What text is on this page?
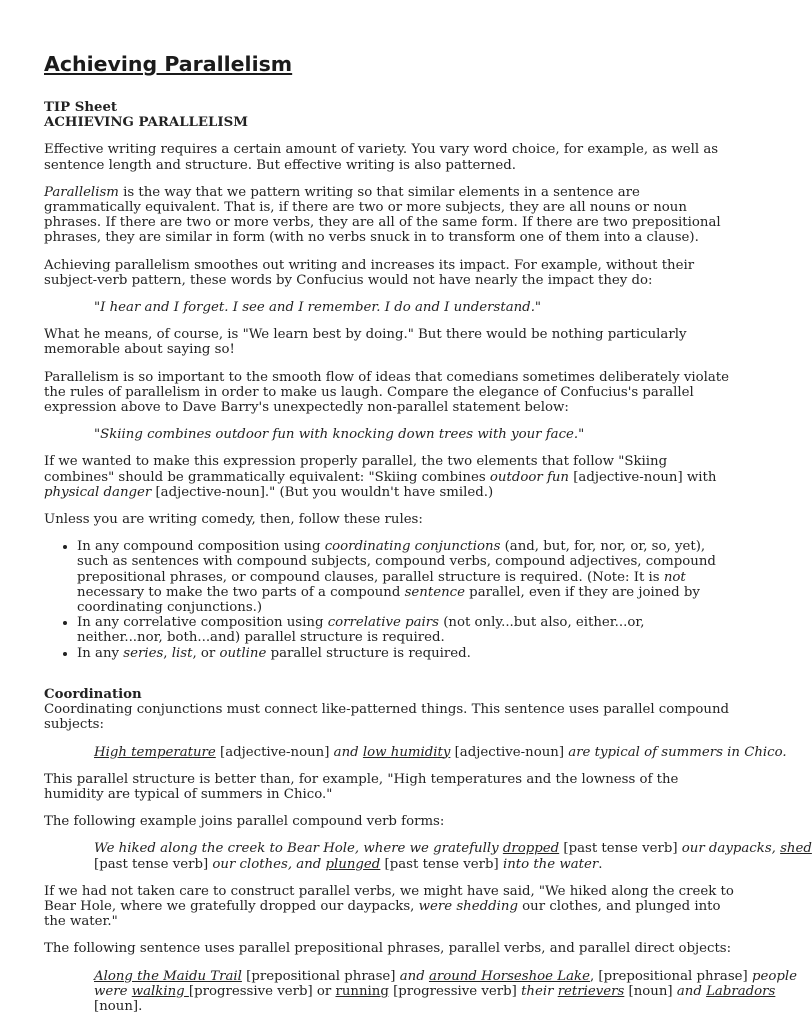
Achieving Parallelism
TIP Sheet
ACHIEVING PARALLELISM

Effective writing requires a certain amount of variety. You vary word choice, for example, as well as sentence length and structure. But effective writing is also patterned.

Parallelism is the way that we pattern writing so that similar elements in a sentence are grammatically equivalent. That is, if there are two or more subjects, they are all nouns or noun phrases. If there are two or more verbs, they are all of the same form. If there are two prepositional phrases, they are similar in form (with no verbs snuck in to transform one of them into a clause).

Achieving parallelism smoothes out writing and increases its impact. For example, without their subject-verb pattern, these words by Confucius would not have nearly the impact they do:

"I hear and I forget. I see and I remember. I do and I understand."

What he means, of course, is "We learn best by doing." But there would be nothing particularly memorable about saying so!

Parallelism is so important to the smooth flow of ideas that comedians sometimes deliberately violate the rules of parallelism in order to make us laugh. Compare the elegance of Confucius's parallel expression above to Dave Barry's unexpectedly non-parallel statement below:

"Skiing combines outdoor fun with knocking down trees with your face."

If we wanted to make this expression properly parallel, the two elements that follow "Skiing combines" should be grammatically equivalent: "Skiing combines outdoor fun [adjective-noun] with physical danger [adjective-noun]." (But you wouldn't have smiled.)

Unless you are writing comedy, then, follow these rules:

• In any compound composition using coordinating conjunctions (and, but, for, nor, or, so, yet), such as sentences with compound subjects, compound verbs, compound adjectives, compound prepositional phrases, or compound clauses, parallel structure is required. (Note: It is not necessary to make the two parts of a compound sentence parallel, even if they are joined by coordinating conjunctions.)
• In any correlative composition using correlative pairs (not only...but also, either...or, neither...nor, both...and) parallel structure is required.
• In any series, list, or outline parallel structure is required.
Coordination

Coordinating conjunctions must connect like-patterned things. This sentence uses parallel compound subjects:

High temperature [adjective-noun] and low humidity [adjective-noun] are typical of summers in Chico.

This parallel structure is better than, for example, "High temperatures and the lowness of the humidity are typical of summers in Chico."

The following example joins parallel compound verb forms:

We hiked along the creek to Bear Hole, where we gratefully dropped [past tense verb] our daypacks, shed
[past tense verb] our clothes, and plunged [past tense verb] into the water.

If we had not taken care to construct parallel verbs, we might have said, "We hiked along the creek to Bear Hole, where we gratefully dropped our daypacks, were shedding our clothes, and plunged into the water."

The following sentence uses parallel prepositional phrases, parallel verbs, and parallel direct objects:

Along the Maidu Trail [prepositional phrase] and around Horseshoe Lake, [prepositional phrase] people
were walking [progressive verb] or running [progressive verb] their retrievers [noun] and Labradors
[noun].
